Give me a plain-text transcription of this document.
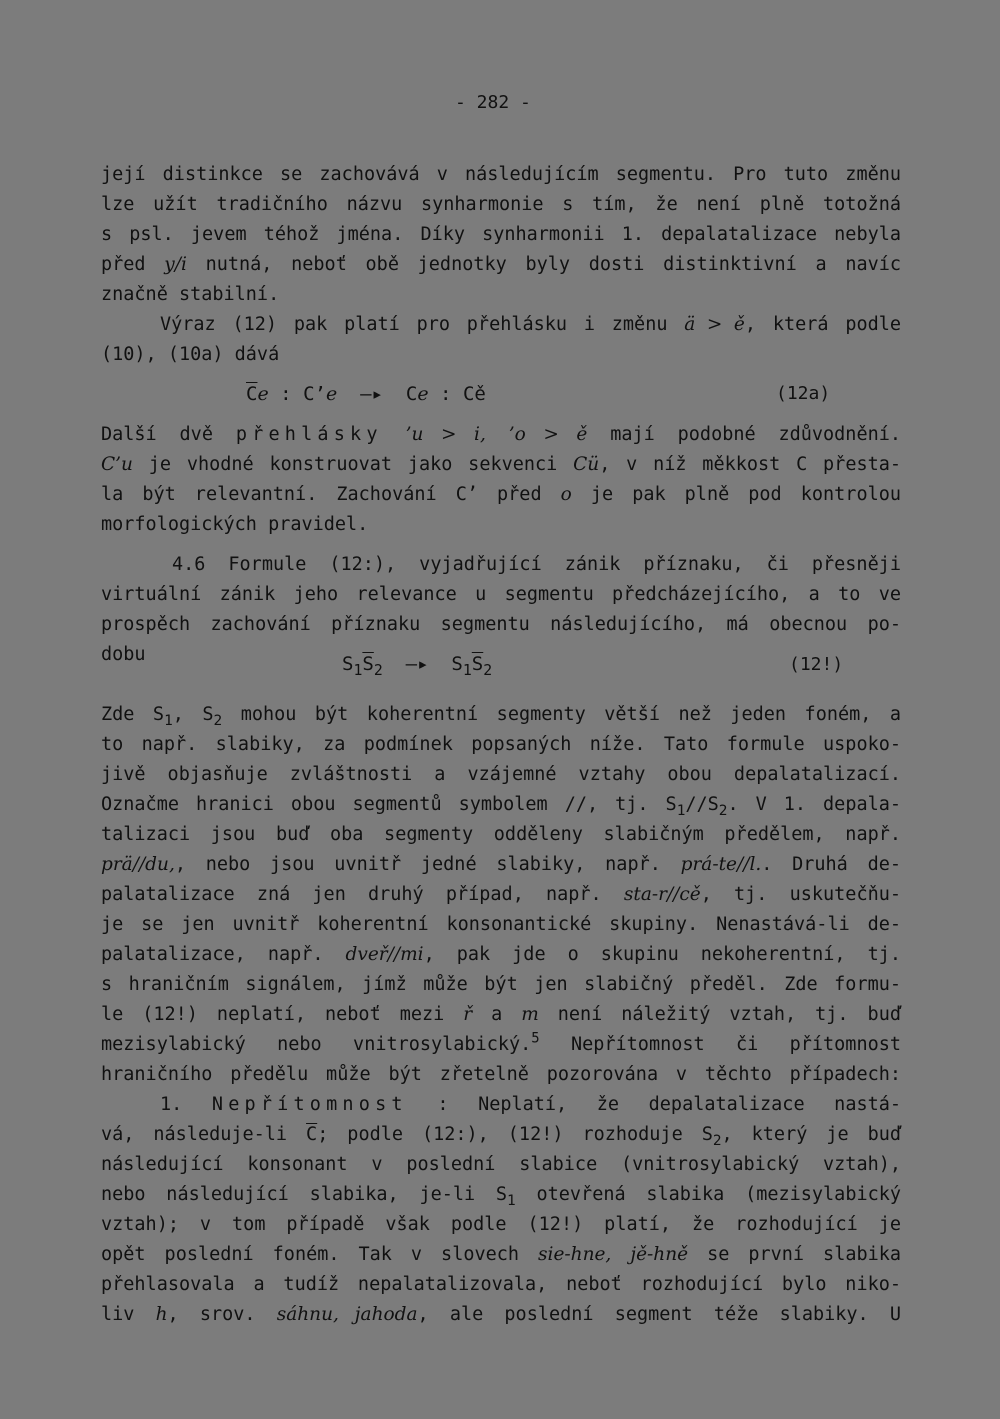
- 282 -
její distinkce se zachovává v následujícím segmentu. Pro tuto změnu
lze užít tradičního názvu synharmonie s tím, že není plně totožná
s psl. jevem téhož jména. Díky synharmonii 1. depalatalizace nebyla
před y/i nutná, neboť obě jednotky byly dosti distinktivní a navíc
značně stabilní.
Výraz (12) pak platí pro přehlásku i změnu ä > ě, která podle
(10), (10a) dává
$\overline{C}e$ : C’e —▸ Ce : Cě	(12a)
Další dvě přehlásky ’u > i, ’o > ě mají podobné zdůvodnění.
C’u je vhodné konstruovat jako sekvenci Cü, v níž měkkost C přesta-
la být relevantní. Zachování C’ před o je pak plně pod kontrolou
morfologických pravidel.
4.6 Formule (12:), vyjadřující zánik příznaku, či přesněji
virtuální zánik jeho relevance u segmentu předcházejícího, a to ve
prospěch zachování příznaku segmentu následujícího, má obecnou po-
dobu	$S_1\overline{S}_2$ —▸ $S_1\overline{S}_2$	(12!)
Zde $S_1$, $S_2$ mohou být koherentní segmenty větší než jeden foném, a
to např. slabiky, za podmínek popsaných níže. Tato formule uspoko-
jivě objasňuje zvláštnosti a vzájemné vztahy obou depalatalizací.
Označme hranici obou segmentů symbolem //, tj. $S_1//S_2$. V 1. depala-
talizaci jsou buď oba segmenty odděleny slabičným předělem, např.
prä//du,, nebo jsou uvnitř jedné slabiky, např. prá-te//l.. Druhá de-
palatalizace zná jen druhý případ, např. sta-r//cě, tj. uskutečňu-
je se jen uvnitř koherentní konsonantické skupiny. Nenastává-li de-
palatalizace, např. dveř//mi, pak jde o skupinu nekoherentní, tj.
s hraničním signálem, jímž může být jen slabičný předěl. Zde formu-
le (12!) neplatí, neboť mezi ř a m není náležitý vztah, tj. buď
mezisylabický nebo vnitrosylabický.$^5$ Nepřítomnost či přítomnost
hraničního předělu může být zřetelně pozorována v těchto případech:
1. Nepřítomnost : Neplatí, že depalatalizace nastá-
vá, následuje-li $\overline{C}$; podle (12:), (12!) rozhoduje $S_2$, který je buď
následující konsonant v poslední slabice (vnitrosylabický vztah),
nebo následující slabika, je-li $S_1$ otevřená slabika (mezisylabický
vztah); v tom případě však podle (12!) platí, že rozhodující je
opět poslední foném. Tak v slovech sie-hne, jě-hně se první slabika
přehlasovala a tudíž nepalatalizovala, neboť rozhodující bylo niko-
liv h, srov. sáhnu, jahoda, ale poslední segment téže slabiky. U
